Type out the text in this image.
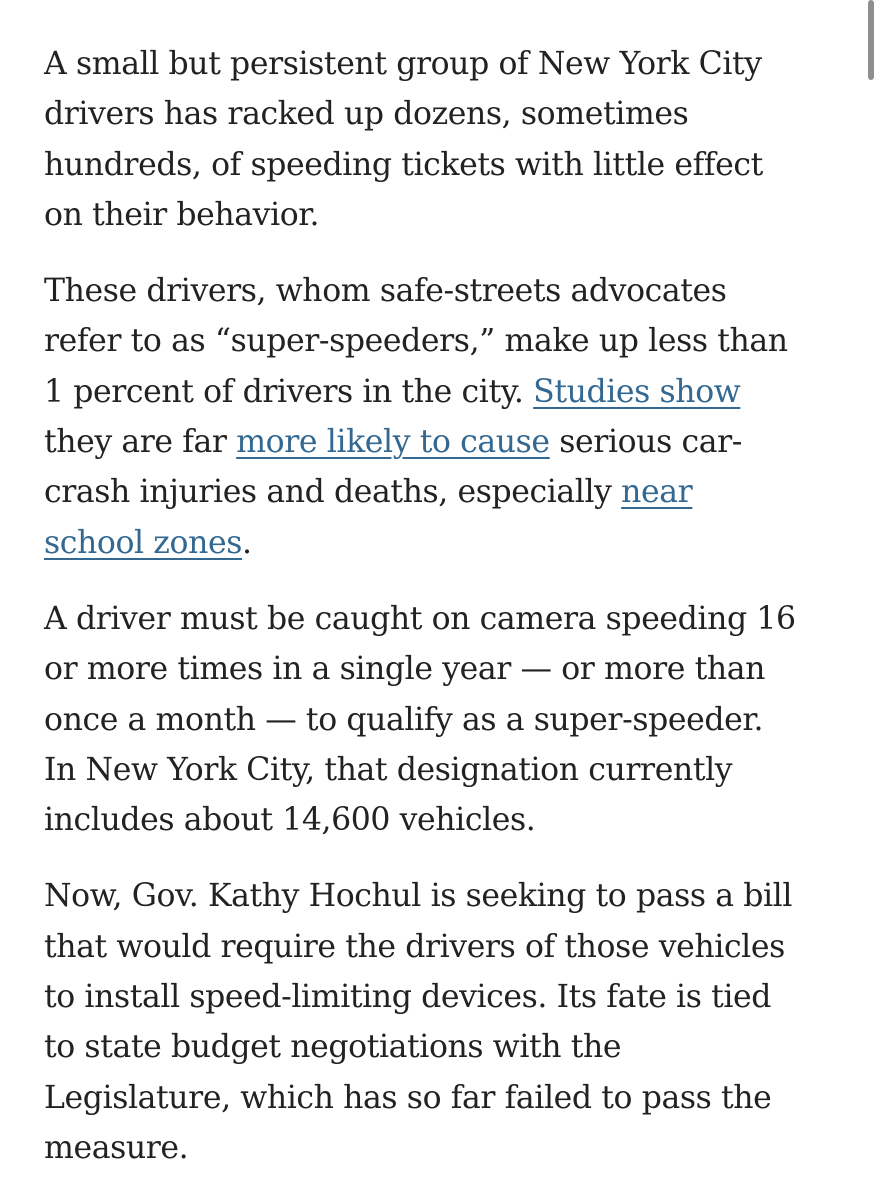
A small but persistent group of New York City
drivers has racked up dozens, sometimes
hundreds, of speeding tickets with little effect
on their behavior.

These drivers, whom safe-streets advocates
refer to as “super-speeders,” make up less than
1 percent of drivers in the city. Studies show
they are far more likely to cause serious car-
crash injuries and deaths, especially near
school zones.

A driver must be caught on camera speeding 16
or more times in a single year — or more than
once a month — to qualify as a super-speeder.
In New York City, that designation currently
includes about 14,600 vehicles.

Now, Gov. Kathy Hochul is seeking to pass a bill
that would require the drivers of those vehicles
to install speed-limiting devices. Its fate is tied
to state budget negotiations with the
Legislature, which has so far failed to pass the
measure.
